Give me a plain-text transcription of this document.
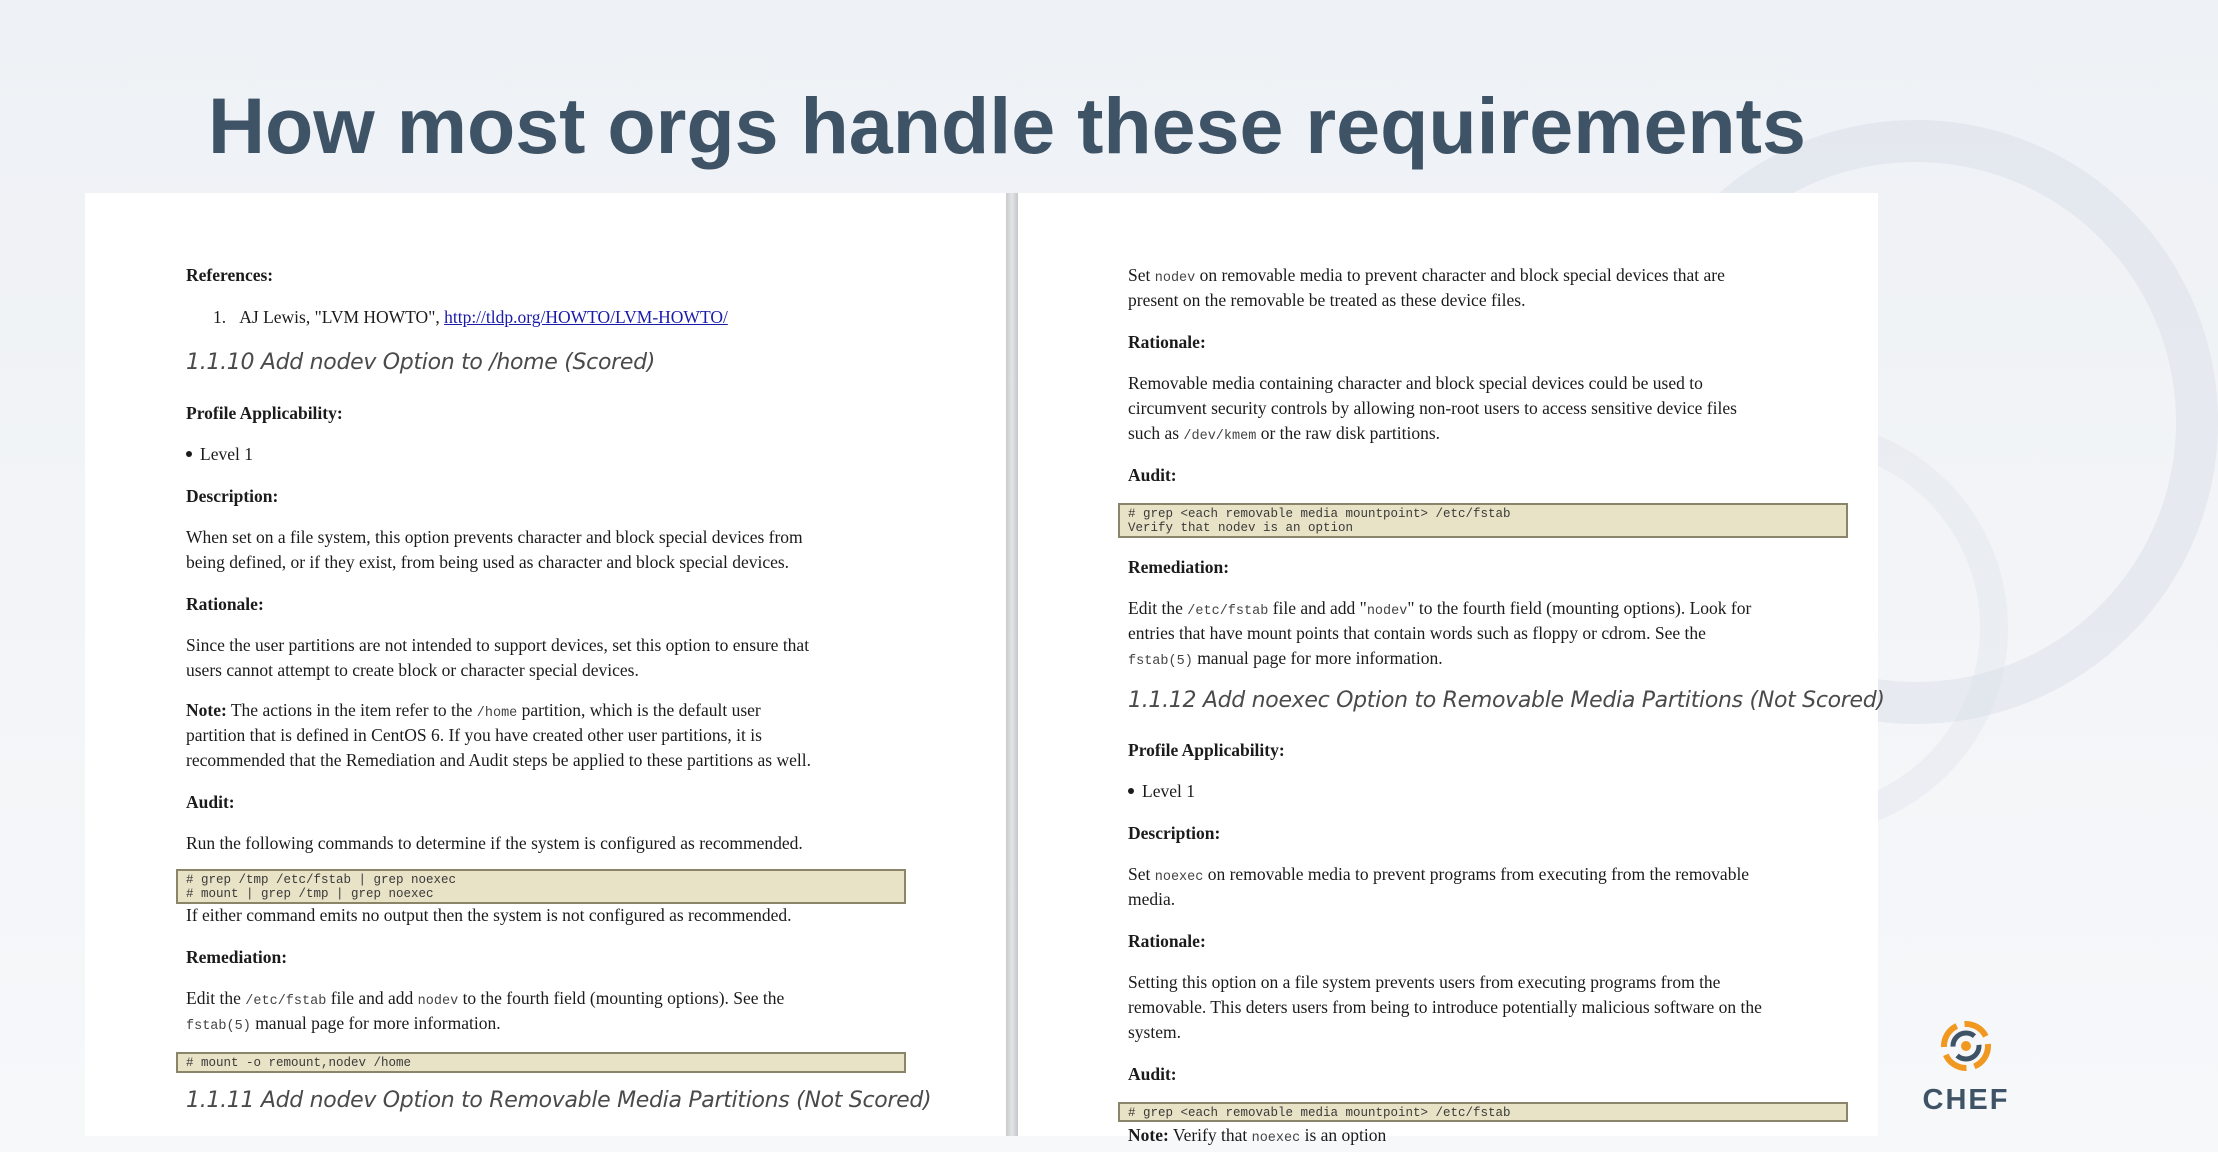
How most orgs handle these requirements
References:
1.   AJ Lewis, "LVM HOWTO", http://tldp.org/HOWTO/LVM-HOWTO/
1.1.10 Add nodev Option to /home (Scored)
Profile Applicability:
Level 1
Description:
When set on a file system, this option prevents character and block special devices from
being defined, or if they exist, from being used as character and block special devices.
Rationale:
Since the user partitions are not intended to support devices, set this option to ensure that
users cannot attempt to create block or character special devices.
Note: The actions in the item refer to the /home partition, which is the default user
partition that is defined in CentOS 6. If you have created other user partitions, it is
recommended that the Remediation and Audit steps be applied to these partitions as well.
Audit:
Run the following commands to determine if the system is configured as recommended.
# grep /tmp /etc/fstab | grep noexec
# mount | grep /tmp | grep noexec
If either command emits no output then the system is not configured as recommended.
Remediation:
Edit the /etc/fstab file and add nodev to the fourth field (mounting options). See the
fstab(5) manual page for more information.
# mount -o remount,nodev /home
1.1.11 Add nodev Option to Removable Media Partitions (Not Scored)
Set nodev on removable media to prevent character and block special devices that are
present on the removable be treated as these device files.
Rationale:
Removable media containing character and block special devices could be used to
circumvent security controls by allowing non-root users to access sensitive device files
such as /dev/kmem or the raw disk partitions.
Audit:
# grep <each removable media mountpoint> /etc/fstab
Verify that nodev is an option
Remediation:
Edit the /etc/fstab file and add "nodev" to the fourth field (mounting options). Look for
entries that have mount points that contain words such as floppy or cdrom. See the
fstab(5) manual page for more information.
1.1.12 Add noexec Option to Removable Media Partitions (Not Scored)
Profile Applicability:
Level 1
Description:
Set noexec on removable media to prevent programs from executing from the removable
media.
Rationale:
Setting this option on a file system prevents users from executing programs from the
removable. This deters users from being to introduce potentially malicious software on the
system.
Audit:
# grep <each removable media mountpoint> /etc/fstab
Note: Verify that noexec is an option
CHEF
